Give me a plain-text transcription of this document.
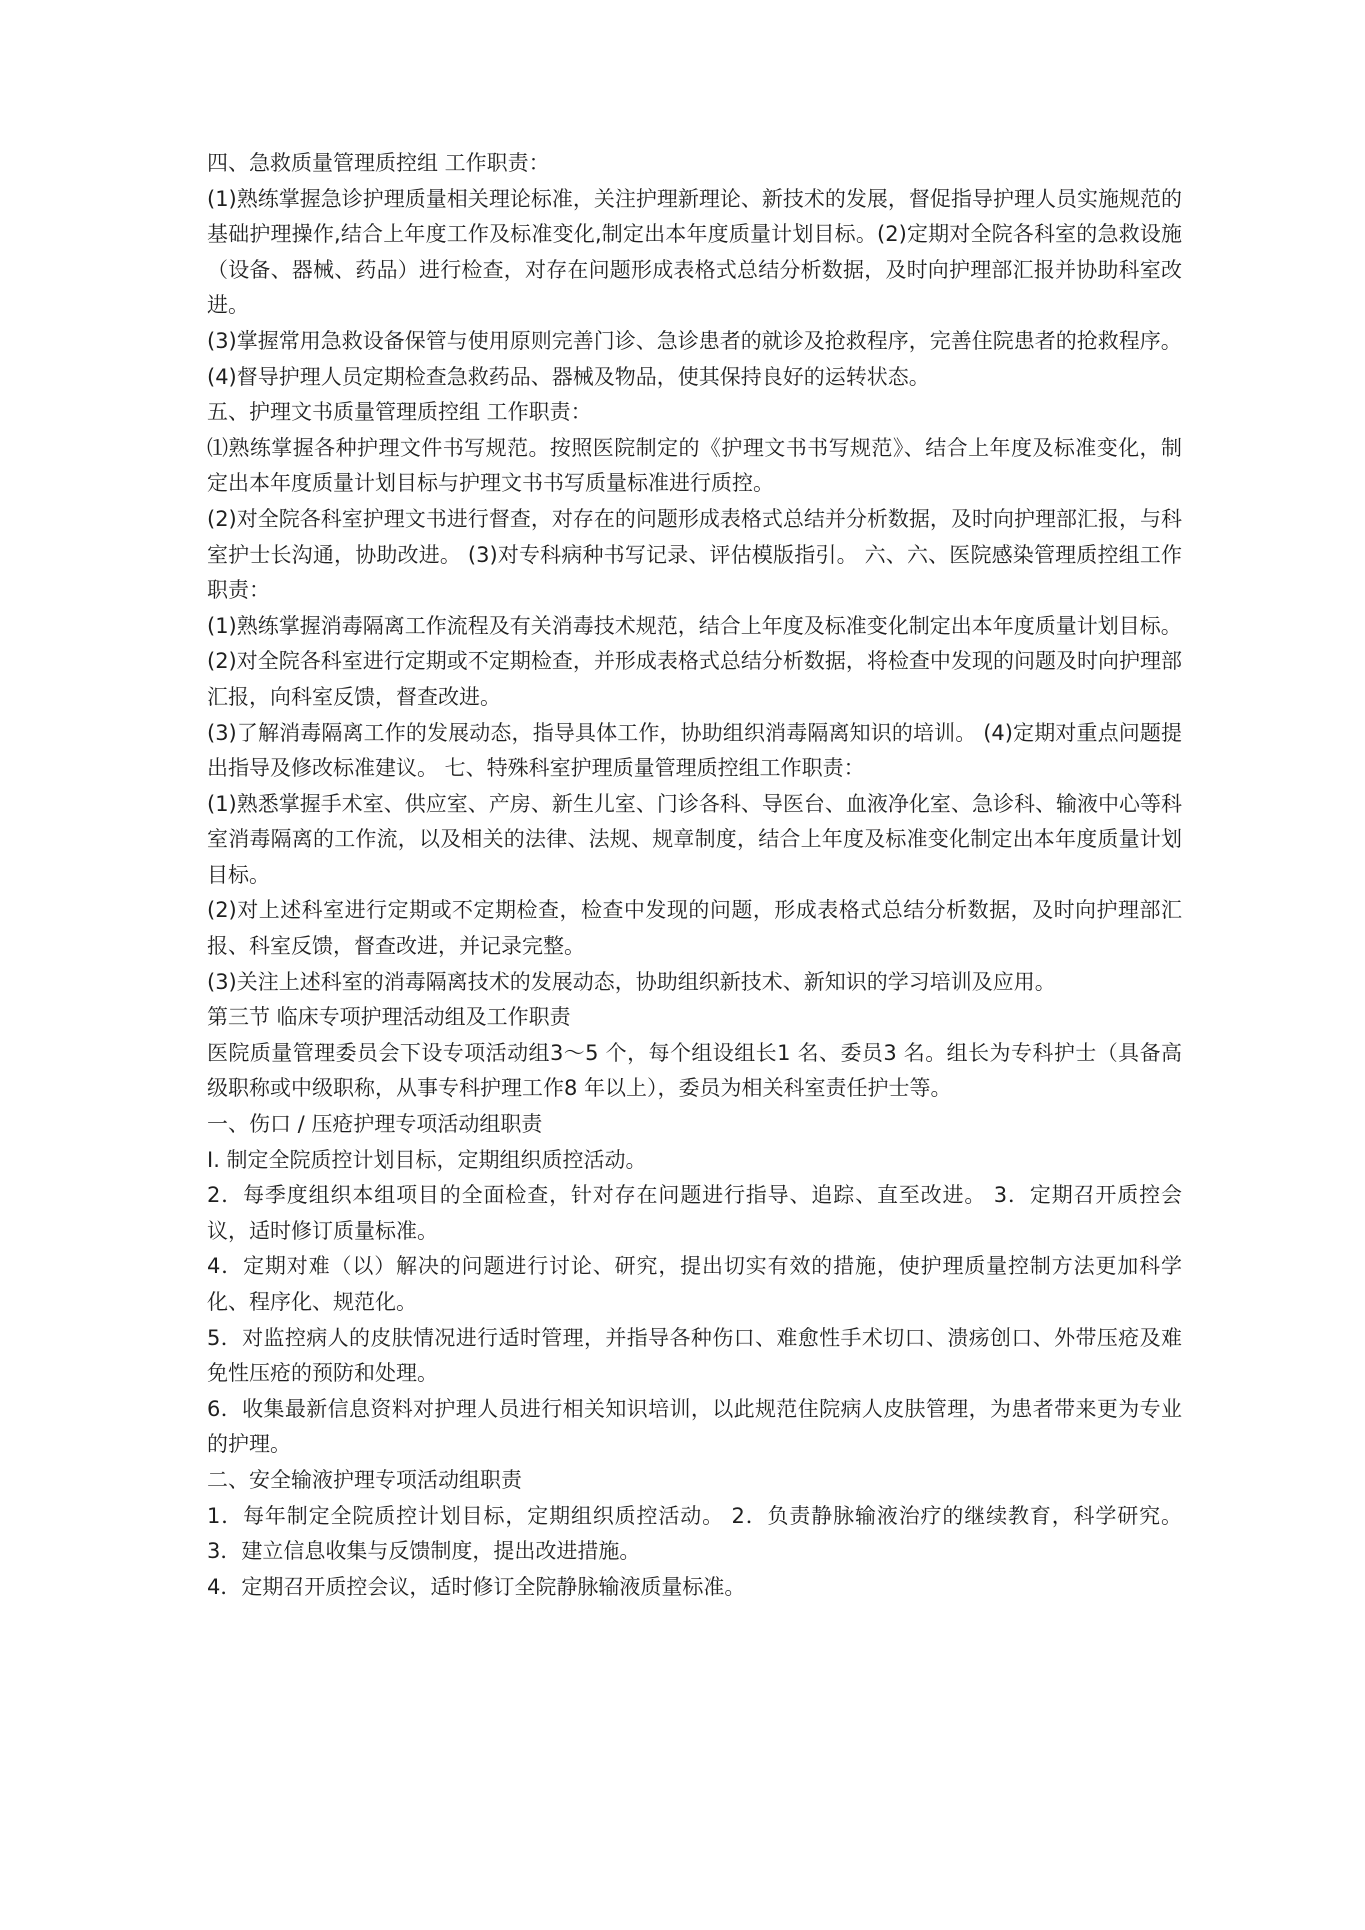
四、急救质量管理质控组 工作职责：

(1)熟练掌握急诊护理质量相关理论标准，关注护理新理论、新技术的发展，督促指导护理人员实施规范的基础护理操作,结合上年度工作及标准变化,制定出本年度质量计划目标。(2)定期对全院各科室的急救设施（设备、器械、药品）进行检查，对存在问题形成表格式总结分析数据，及时向护理部汇报并协助科室改进。

(3)掌握常用急救设备保管与使用原则完善门诊、急诊患者的就诊及抢救程序，完善住院患者的抢救程序。

(4)督导护理人员定期检查急救药品、器械及物品，使其保持良好的运转状态。

五、护理文书质量管理质控组 工作职责：

⑴熟练掌握各种护理文件书写规范。按照医院制定的《护理文书书写规范》、结合上年度及标准变化，制定出本年度质量计划目标与护理文书书写质量标准进行质控。

(2)对全院各科室护理文书进行督查，对存在的问题形成表格式总结并分析数据，及时向护理部汇报，与科室护士长沟通，协助改进。 (3)对专科病种书写记录、评估模版指引。 六、六、医院感染管理质控组工作职责：

(1)熟练掌握消毒隔离工作流程及有关消毒技术规范，结合上年度及标准变化制定出本年度质量计划目标。

(2)对全院各科室进行定期或不定期检查，并形成表格式总结分析数据，将检查中发现的问题及时向护理部汇报，向科室反馈，督查改进。

(3)了解消毒隔离工作的发展动态，指导具体工作，协助组织消毒隔离知识的培训。 (4)定期对重点问题提出指导及修改标准建议。 七、特殊科室护理质量管理质控组工作职责：

(1)熟悉掌握手术室、供应室、产房、新生儿室、门诊各科、导医台、血液净化室、急诊科、输液中心等科室消毒隔离的工作流，以及相关的法律、法规、规章制度，结合上年度及标准变化制定出本年度质量计划目标。

(2)对上述科室进行定期或不定期检查，检查中发现的问题，形成表格式总结分析数据，及时向护理部汇报、科室反馈，督查改进，并记录完整。

(3)关注上述科室的消毒隔离技术的发展动态，协助组织新技术、新知识的学习培训及应用。

第三节 临床专项护理活动组及工作职责

医院质量管理委员会下设专项活动组3～5 个，每个组设组长1 名、委员3 名。组长为专科护士（具备高级职称或中级职称，从事专科护理工作8 年以上），委员为相关科室责任护士等。

一、伤口 / 压疮护理专项活动组职责

I. 制定全院质控计划目标，定期组织质控活动。

2．每季度组织本组项目的全面检查，针对存在问题进行指导、追踪、直至改进。 3．定期召开质控会议，适时修订质量标准。

4．定期对难（以）解决的问题进行讨论、研究，提出切实有效的措施，使护理质量控制方法更加科学化、程序化、规范化。

5．对监控病人的皮肤情况进行适时管理，并指导各种伤口、难愈性手术切口、溃疡创口、外带压疮及难免性压疮的预防和处理。

6．收集最新信息资料对护理人员进行相关知识培训，以此规范住院病人皮肤管理，为患者带来更为专业的护理。

二、安全输液护理专项活动组职责

1．每年制定全院质控计划目标，定期组织质控活动。 2．负责静脉输液治疗的继续教育，科学研究。 3．建立信息收集与反馈制度，提出改进措施。

4．定期召开质控会议，适时修订全院静脉输液质量标准。
